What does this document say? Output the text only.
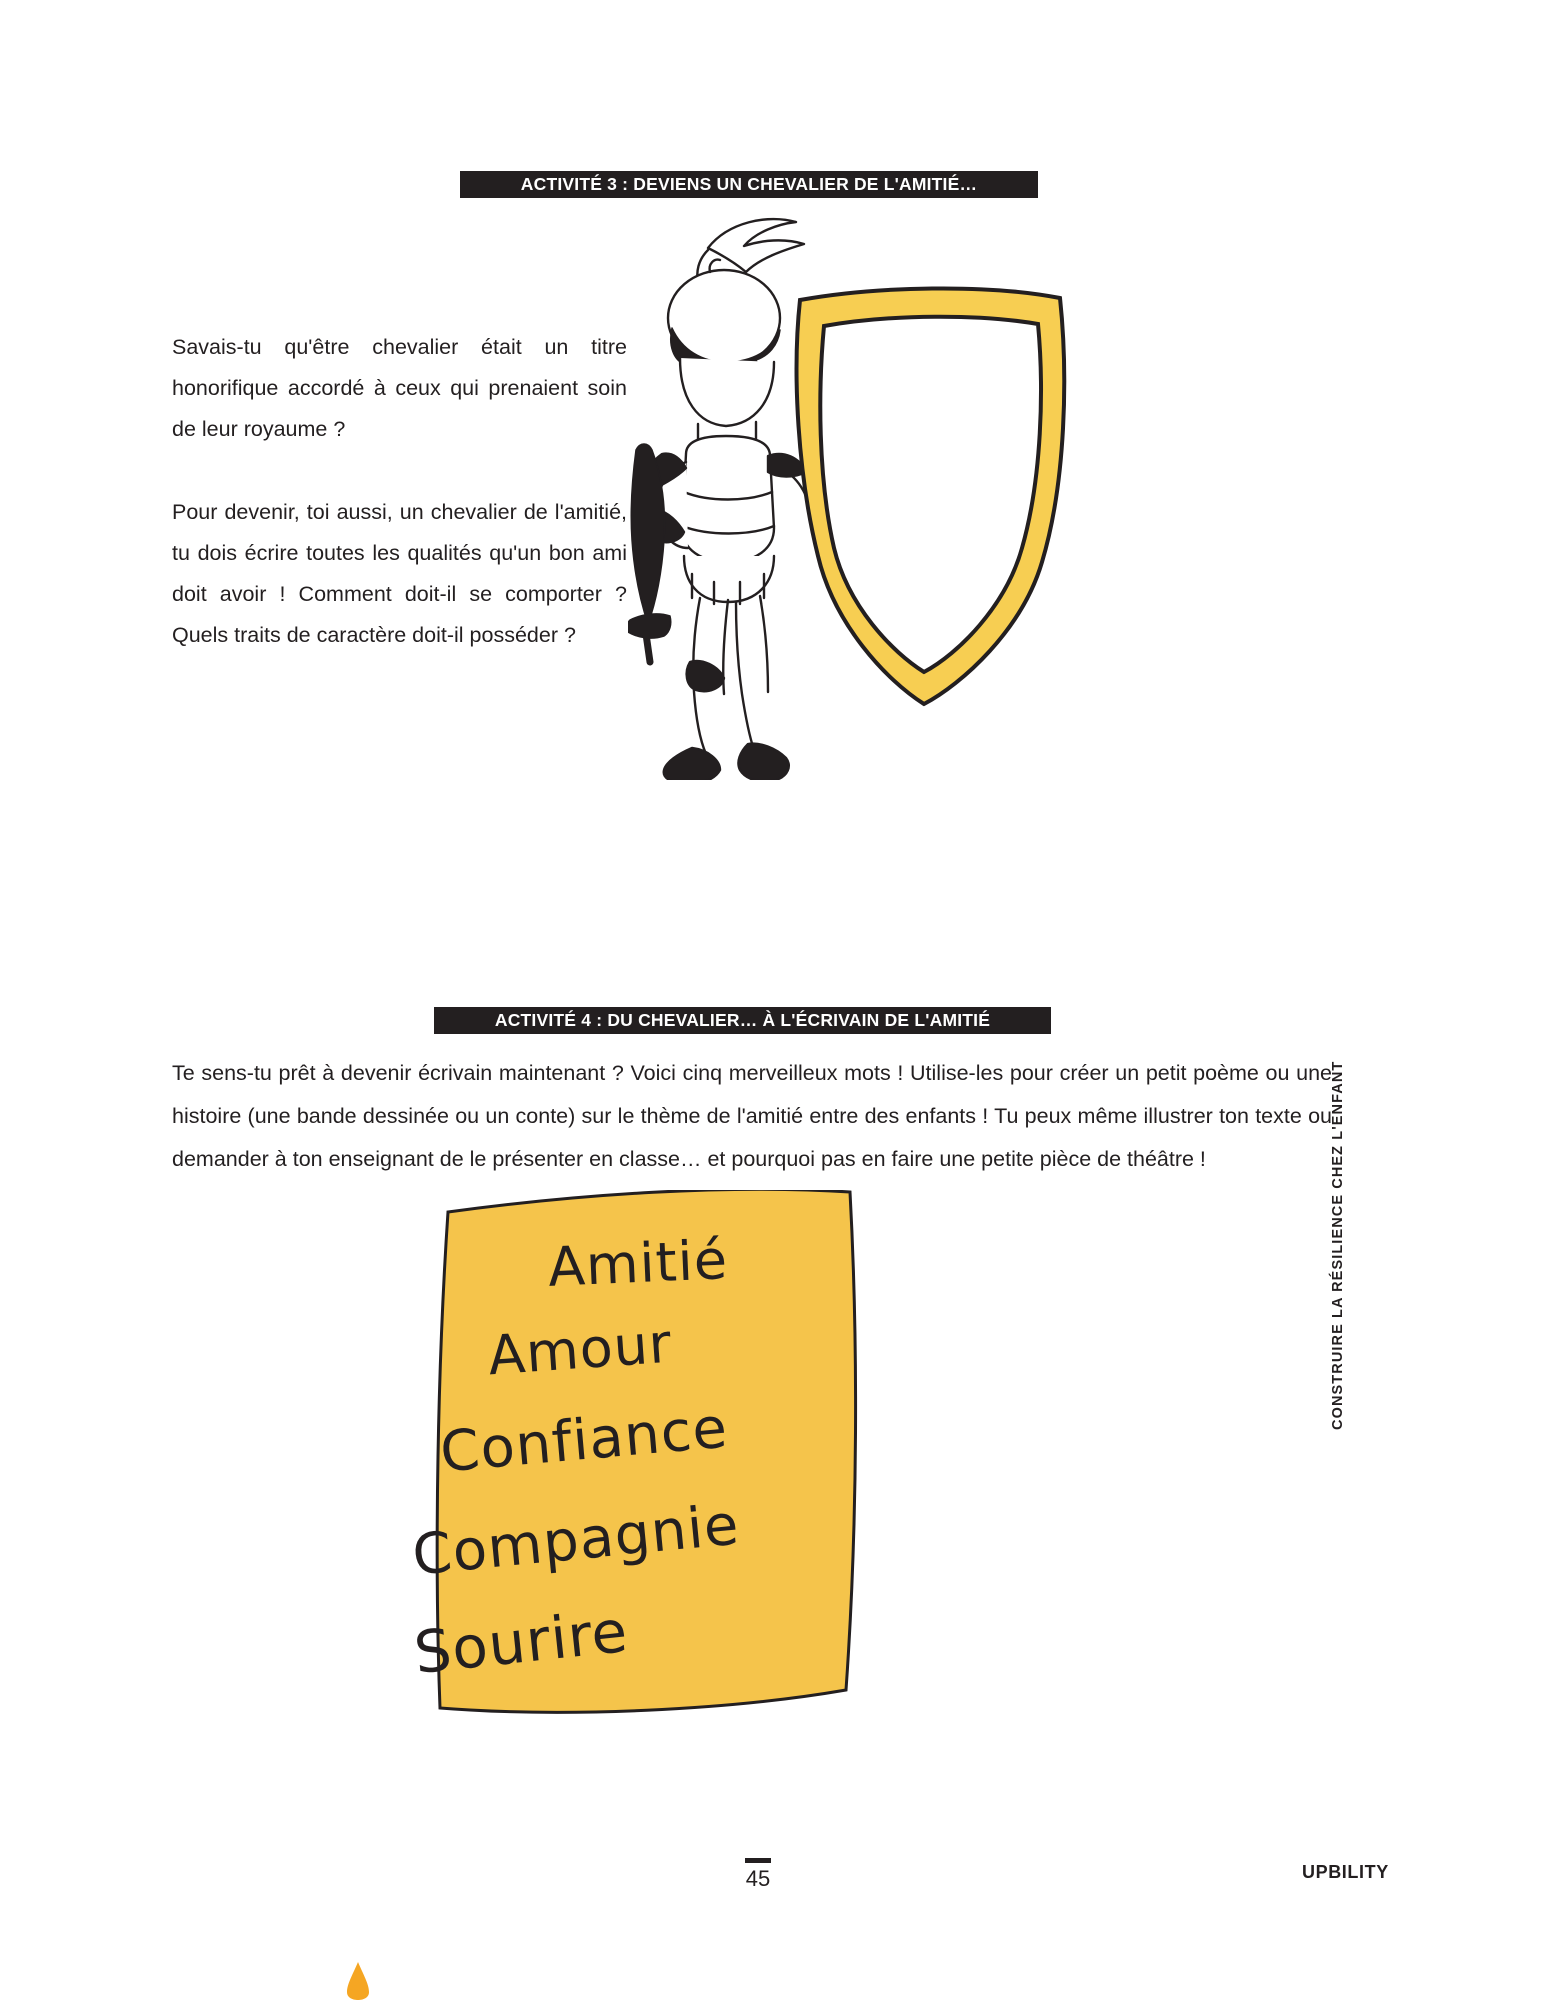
ACTIVITÉ 3 : DEVIENS UN CHEVALIER DE L'AMITIÉ…
Savais-tu qu'être chevalier était un titre honorifique accordé à ceux qui prenaient soin de leur royaume ?
Pour devenir, toi aussi, un chevalier de l'amitié, tu dois écrire toutes les qualités qu'un bon ami doit avoir ! Comment doit-il se comporter ? Quels traits de caractère doit-il posséder ?
ACTIVITÉ 4 : DU CHEVALIER… À L'ÉCRIVAIN DE L'AMITIÉ
Te sens-tu prêt à devenir écrivain maintenant ? Voici cinq merveilleux mots ! Utilise-les pour créer un petit poème ou une histoire (une bande dessinée ou un conte) sur le thème de l'amitié entre des enfants ! Tu peux même illustrer ton texte ou demander à ton enseignant de le présenter en classe… et pourquoi pas en faire une petite pièce de théâtre !
Amitié
Amour
Confiance
Compagnie
Sourire
45	UPBILITY
CONSTRUIRE LA RÉSILIENCE CHEZ L'ENFANT
